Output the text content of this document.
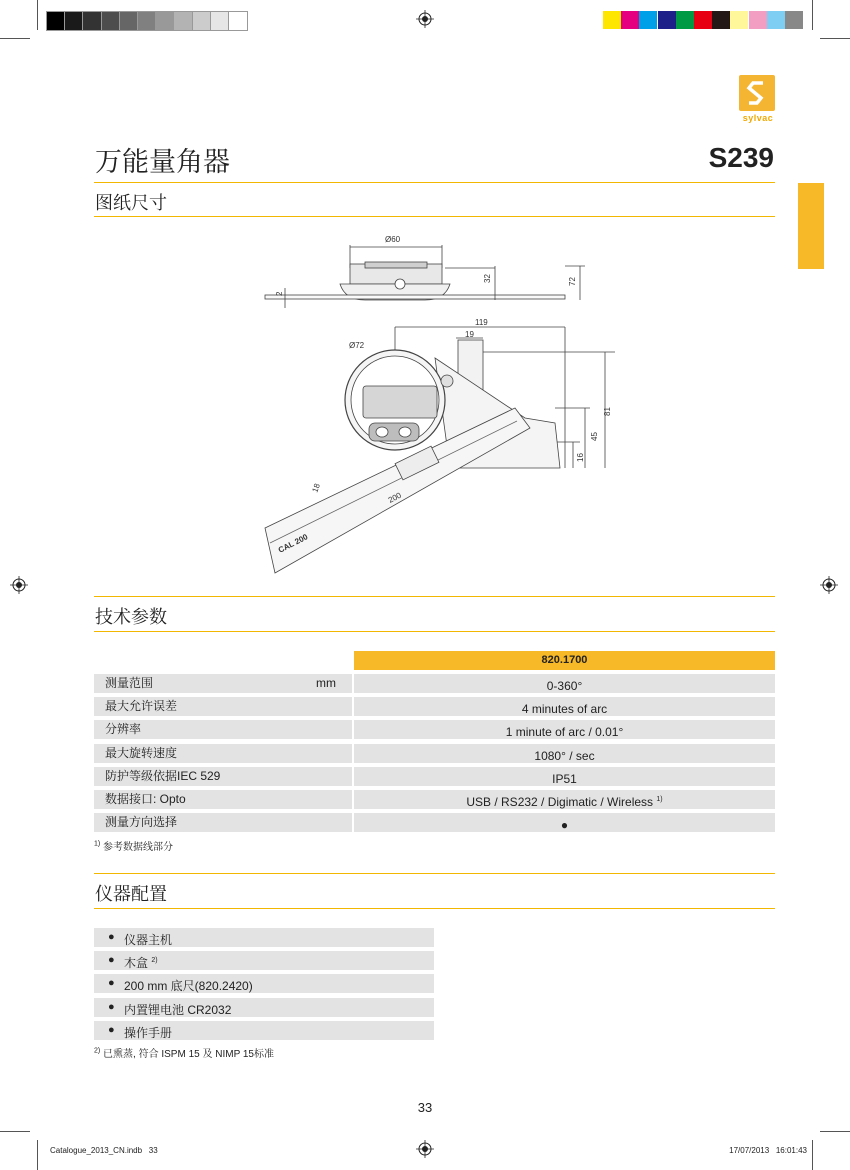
sylvac
万能量角器	S239
图纸尺寸
Ø60
32	72
2
Ø72
119
19
81
45
16
18
200
CAL 200
技术参数
820.1700
测量范围	mm	0-360°
最大允许误差	4 minutes of arc
分辨率	1 minute of arc / 0.01°
最大旋转速度	1080° / sec
防护等级依据IEC 529	IP51
数据接口: Opto	USB / RS232 / Digimatic / Wireless $^{1)}$
测量方向选择	●
$^{1)}$ 参考数据线部分
仪器配置
● 仪器主机
● 木盒 $^{2)}$
● 200 mm 底尺(820.2420)
● 内置锂电池 CR2032
● 操作手册
$^{2)}$ 已熏蒸, 符合 ISPM 15 及 NIMP 15标准
33
Catalogue_2013_CN.indb   33	17/07/2013   16:01:43
